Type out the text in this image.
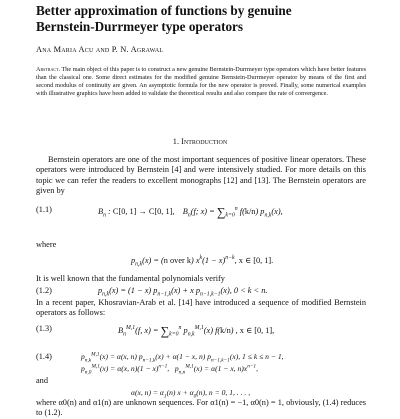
Better approximation of functions by genuine
Bernstein-Durrmeyer type operators
Ana Maria Acu and P. N. Agrawal
Abstract. The main object of this paper is to construct a new genuine Bernstein-Durrmeyer type operators which have better features than the classical one. Some direct estimates for the modified genuine Bernstein-Durrmeyer operator by means of the first and second modulus of continuity are given. An asymptotic formula for the new operator is proved. Finally, some numerical examples with illustrative graphics have been added to validate the theoretical results and also compare the rate of convergence.
1. Introduction
Bernstein operators are one of the most important sequences of positive linear operators. These operators were introduced by Bernstein [4] and were intensively studied. For more details on this topic we can refer the readers to excellent monographs [12] and [13]. The Bernstein operators are given by
(1.1)	$B_n$ : C[0, 1] → C[0, 1],    $B_n(f$; $x) = \sum_{k=0}^n$ f(k/n) $p_{n,k}(x)$,
where
$p_{n,k}(x) = (n$ over k) $x^k(1 - x)^{n-k}$, x ∈ [0, 1].
It is well known that the fundamental polynomials verify
(1.2)	$p_{n,k}(x) = (1 - x) p_{n-1,k}(x) + x$ $p_{n-1,k-1}(x)$, 0 < k < n.
In a recent paper, Khosravian-Arab et al. [14] have introduced a sequence of modified Bernstein operators as follows:
(1.3)	$B_n^{M,1}(f$, $x) = \sum_{k=0}^n$ $p_{n,k}^{M,1}(x)$ f(k/n) , x ∈ [0, 1],
(1.4)	$p_{n,k}^{M,1}(x) = \alpha(x$, n) $p_{n-1,k}(x) + \alpha(1 - x$, n) $p_{n-1,k-1}(x)$, 1 ≤ k ≤ n − 1,
$p_{n,0}^{M,1}(x) = \alpha(x$, $n)(1 - x)^{n-1}$,   $p_{n,n}^{M,1}(x) = \alpha(1 - x$, $n)x^{n-1}$,
and
α(x, $n) = \alpha_1(n) x + \alpha_0(n)$, n = 0, 1, . . . ,
where α0(n) and α1(n) are unknown sequences. For α1(n) = −1, α0(n) = 1, obviously, (1.4) reduces to (1.2).
